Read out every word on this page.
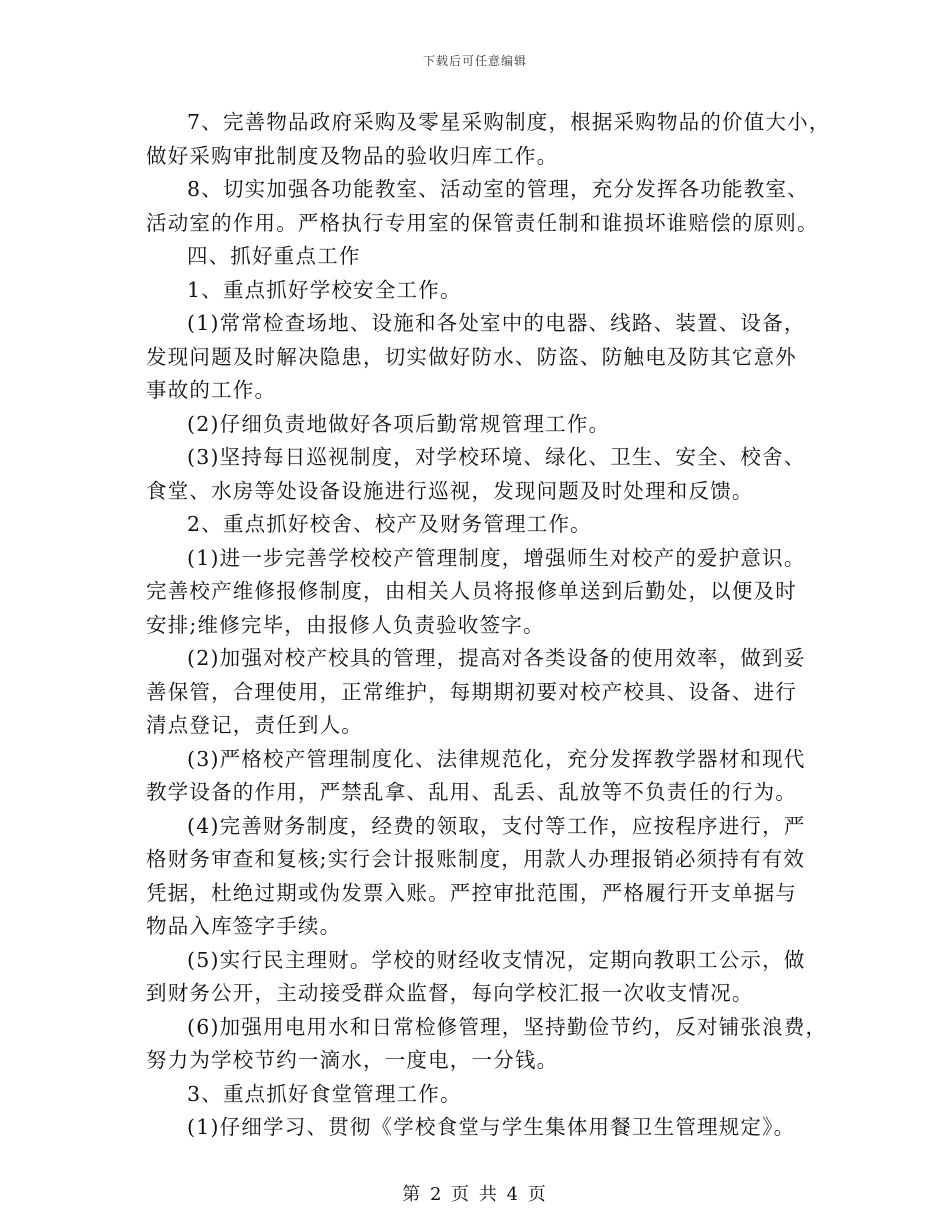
下载后可任意编辑
7、完善物品政府采购及零星采购制度，根据采购物品的价值大小，
做好采购审批制度及物品的验收归库工作。
8、切实加强各功能教室、活动室的管理，充分发挥各功能教室、
活动室的作用。严格执行专用室的保管责任制和谁损坏谁赔偿的原则。
四、抓好重点工作
1、重点抓好学校安全工作。
(1)常常检查场地、设施和各处室中的电器、线路、装置、设备，
发现问题及时解决隐患，切实做好防水、防盗、防触电及防其它意外
事故的工作。
(2)仔细负责地做好各项后勤常规管理工作。
(3)坚持每日巡视制度，对学校环境、绿化、卫生、安全、校舍、
食堂、水房等处设备设施进行巡视，发现问题及时处理和反馈。
2、重点抓好校舍、校产及财务管理工作。
(1)进一步完善学校校产管理制度，增强师生对校产的爱护意识。
完善校产维修报修制度，由相关人员将报修单送到后勤处，以便及时
安排;维修完毕，由报修人负责验收签字。
(2)加强对校产校具的管理，提高对各类设备的使用效率，做到妥
善保管，合理使用，正常维护，每期期初要对校产校具、设备、进行
清点登记，责任到人。
(3)严格校产管理制度化、法律规范化，充分发挥教学器材和现代
教学设备的作用，严禁乱拿、乱用、乱丢、乱放等不负责任的行为。
(4)完善财务制度，经费的领取，支付等工作，应按程序进行，严
格财务审查和复核;实行会计报账制度，用款人办理报销必须持有有效
凭据，杜绝过期或伪发票入账。严控审批范围，严格履行开支单据与
物品入库签字手续。
(5)实行民主理财。学校的财经收支情况，定期向教职工公示，做
到财务公开，主动接受群众监督，每向学校汇报一次收支情况。
(6)加强用电用水和日常检修管理，坚持勤俭节约，反对铺张浪费，
努力为学校节约一滴水，一度电，一分钱。
3、重点抓好食堂管理工作。
(1)仔细学习、贯彻《学校食堂与学生集体用餐卫生管理规定》。
第 2 页 共 4 页
